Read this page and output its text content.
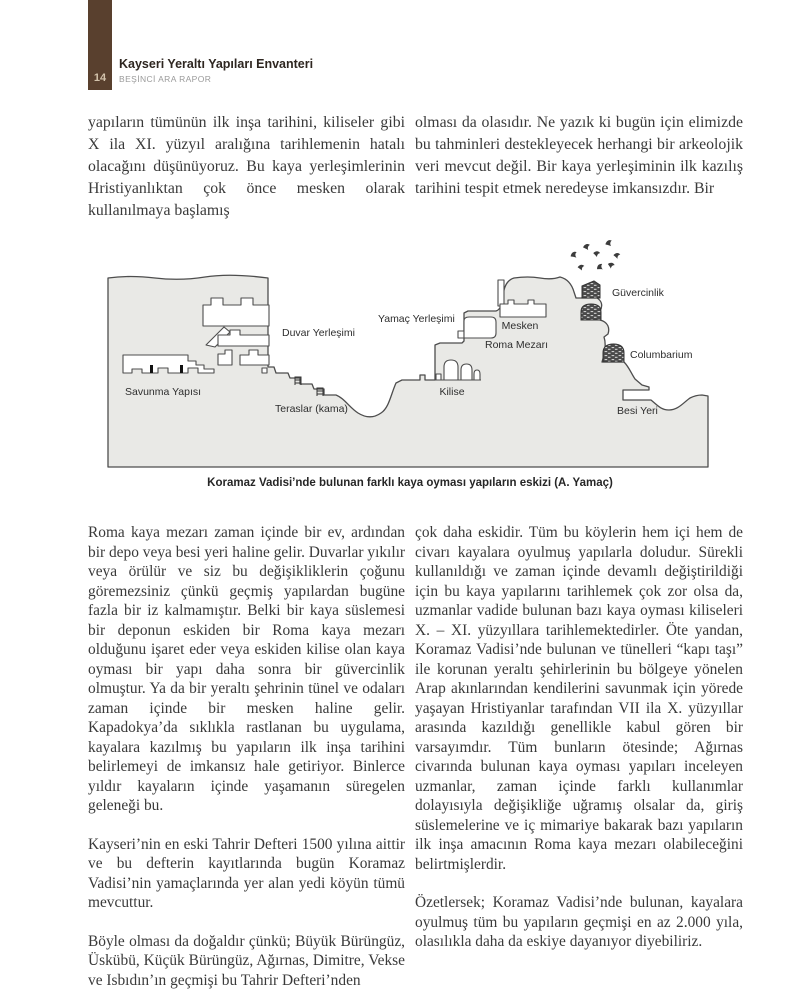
14
Kayseri Yeraltı Yapıları Envanteri
BEŞİNCİ ARA RAPOR

yapıların tümünün ilk inşa tarihini, kiliseler gibi X ila XI. yüzyıl aralığına tarihlemenin hatalı olacağını düşünüyoruz. Bu kaya yerleşimlerinin Hristiyanlıktan çok önce mesken olarak kullanılmaya başlamış

olması da olasıdır. Ne yazık ki bugün için elimizde bu tahminleri destekleyecek herhangi bir arkeolojik veri mevcut değil. Bir kaya yerleşiminin ilk kazılış tarihini tespit etmek neredeyse imkansızdır. Bir

Duvar Yerleşimi
Savunma Yapısı
Teraslar (kama)
Yamaç Yerleşimi
Mesken
Roma Mezarı
Kilise
Güvercinlik
Columbarium
Besi Yeri
Koramaz Vadisi’nde bulunan farklı kaya oyması yapıların eskizi (A. Yamaç)

Roma kaya mezarı zaman içinde bir ev, ardından bir depo veya besi yeri haline gelir. Duvarlar yıkılır veya örülür ve siz bu değişikliklerin çoğunu göremezsiniz çünkü geçmiş yapılardan bugüne fazla bir iz kalmamıştır. Belki bir kaya süslemesi bir deponun eskiden bir Roma kaya mezarı olduğunu işaret eder veya eskiden kilise olan kaya oyması bir yapı daha sonra bir güvercinlik olmuştur. Ya da bir yeraltı şehrinin tünel ve odaları zaman içinde bir mesken haline gelir. Kapadokya’da sıklıkla rastlanan bu uygulama, kayalara kazılmış bu yapıların ilk inşa tarihini belirlemeyi de imkansız hale getiriyor. Binlerce yıldır kayaların içinde yaşamanın süregelen geleneği bu.

Kayseri’nin en eski Tahrir Defteri 1500 yılına aittir ve bu defterin kayıtlarında bugün Koramaz Vadisi’nin yamaçlarında yer alan yedi köyün tümü mevcuttur.

Böyle olması da doğaldır çünkü; Büyük Bürüngüz, Üskübü, Küçük Bürüngüz, Ağırnas, Dimitre, Vekse ve Isbıdın’ın geçmişi bu Tahrir Defteri’nden

çok daha eskidir. Tüm bu köylerin hem içi hem de civarı kayalara oyulmuş yapılarla doludur. Sürekli kullanıldığı ve zaman içinde devamlı değiştirildiği için bu kaya yapılarını tarihlemek çok zor olsa da, uzmanlar vadide bulunan bazı kaya oyması kiliseleri X. – XI. yüzyıllara tarihlemektedirler. Öte yandan, Koramaz Vadisi’nde bulunan ve tünelleri “kapı taşı” ile korunan yeraltı şehirlerinin bu bölgeye yönelen Arap akınlarından kendilerini savunmak için yörede yaşayan Hristiyanlar tarafından VII ila X. yüzyıllar arasında kazıldığı genellikle kabul gören bir varsayımdır. Tüm bunların ötesinde; Ağırnas civarında bulunan kaya oyması yapıları inceleyen uzmanlar, zaman içinde farklı kullanımlar dolayısıyla değişikliğe uğramış olsalar da, giriş süslemelerine ve iç mimariye bakarak bazı yapıların ilk inşa amacının Roma kaya mezarı olabileceğini belirtmişlerdir.

Özetlersek; Koramaz Vadisi’nde bulunan, kayalara oyulmuş tüm bu yapıların geçmişi en az 2.000 yıla, olasılıkla daha da eskiye dayanıyor diyebiliriz.
